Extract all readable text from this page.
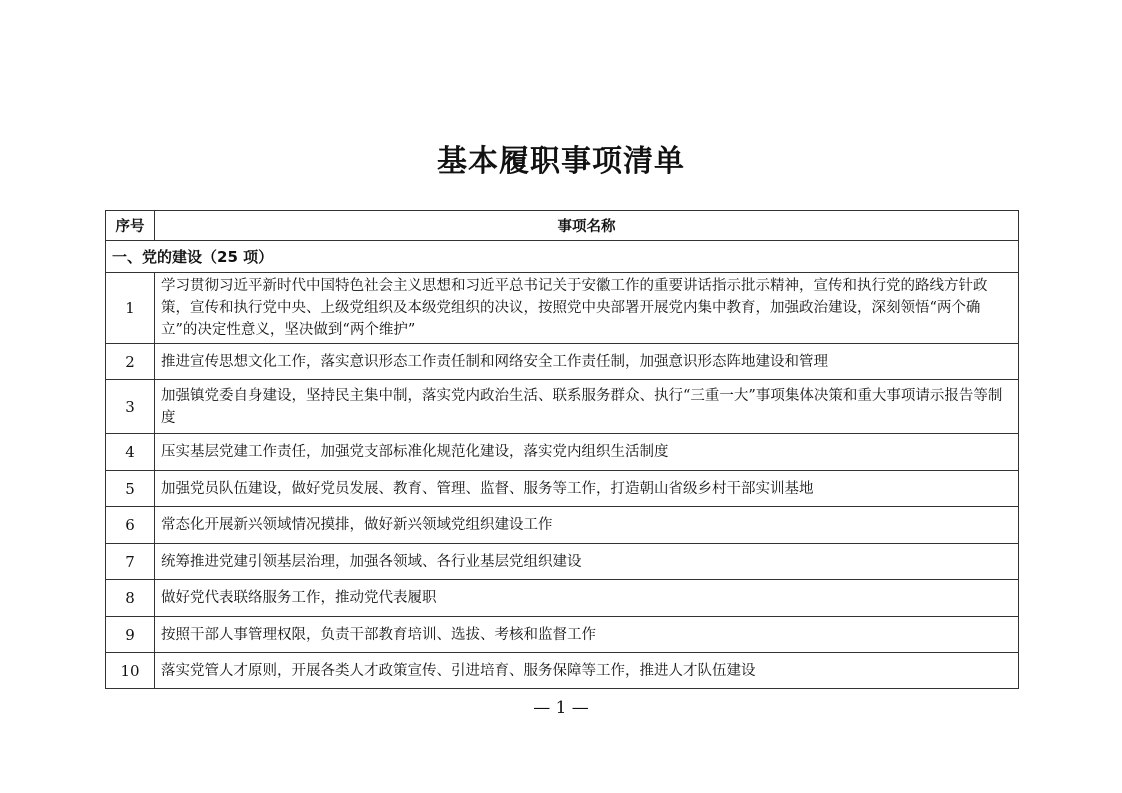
基本履职事项清单
序号	事项名称
一、党的建设（25 项）	
1	学习贯彻习近平新时代中国特色社会主义思想和习近平总书记关于安徽工作的重要讲话指示批示精神，宣传和执行党的路线方针政策，宣传和执行党中央、上级党组织及本级党组织的决议，按照党中央部署开展党内集中教育，加强政治建设，深刻领悟“两个确立”的决定性意义，坚决做到“两个维护”
2	推进宣传思想文化工作，落实意识形态工作责任制和网络安全工作责任制，加强意识形态阵地建设和管理
3	加强镇党委自身建设，坚持民主集中制，落实党内政治生活、联系服务群众、执行“三重一大”事项集体决策和重大事项请示报告等制度
4	压实基层党建工作责任，加强党支部标准化规范化建设，落实党内组织生活制度
5	加强党员队伍建设，做好党员发展、教育、管理、监督、服务等工作，打造朝山省级乡村干部实训基地
6	常态化开展新兴领域情况摸排，做好新兴领域党组织建设工作
7	统筹推进党建引领基层治理，加强各领域、各行业基层党组织建设
8	做好党代表联络服务工作，推动党代表履职
9	按照干部人事管理权限，负责干部教育培训、选拔、考核和监督工作
10	落实党管人才原则，开展各类人才政策宣传、引进培育、服务保障等工作，推进人才队伍建设
— 1 —
